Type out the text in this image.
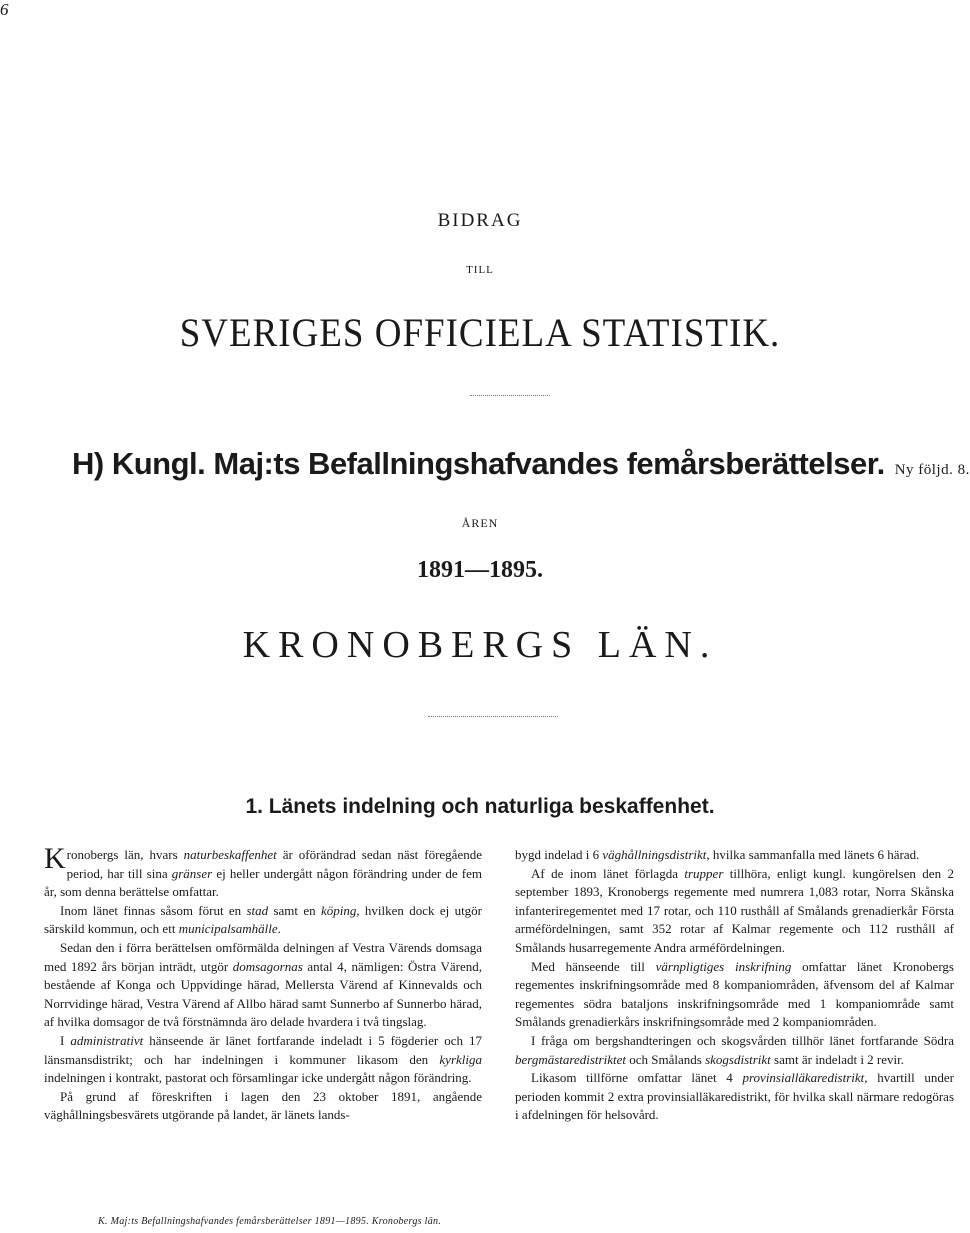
6
BIDRAG
TILL
SVERIGES OFFICIELA STATISTIK.
H) Kungl. Maj:ts Befallningshafvandes femårsberättelser. Ny följd. 8.
ÅREN
1891—1895.
KRONOBERGS LÄN.
1. Länets indelning och naturliga beskaffenhet.
K ronobergs län, hvars naturbeskaffenhet är oförändrad sedan näst föregående period, har till sina gränser ej heller undergått någon förändring under de fem år, som denna berättelse omfattar.

Inom länet finnas såsom förut en stad samt en köping, hvilken dock ej utgör särskild kommun, och ett municipalsamhälle.

Sedan den i förra berättelsen omförmälda delningen af Vestra Värends domsaga med 1892 års början inträdt, utgör domsagornas antal 4, nämligen: Östra Värend, bestående af Konga och Uppvidinge härad, Mellersta Värend af Kinnevalds och Norrvidinge härad, Vestra Värend af Allbo härad samt Sunnerbo af Sunnerbo härad, af hvilka domsagor de två förstnämnda äro delade hvardera i två tingslag.

I administrativt hänseende är länet fortfarande indeladt i 5 fögderier och 17 länsmansdistrikt; och har indelningen i kommuner likasom den kyrkliga indelningen i kontrakt, pastorat och församlingar icke undergått någon förändring.

På grund af föreskriften i lagen den 23 oktober 1891, angående väghållningsbesvärets utgörande på landet, är länets lands-

bygd indelad i 6 väghållningsdistrikt, hvilka sammanfalla med länets 6 härad.

Af de inom länet förlagda trupper tillhöra, enligt kungl. kungörelsen den 2 september 1893, Kronobergs regemente med numrera 1,083 rotar, Norra Skånska infanteriregementet med 17 rotar, och 110 rusthåll af Smålands grenadierkår Första arméfördelningen, samt 352 rotar af Kalmar regemente och 112 rusthåll af Smålands husarregemente Andra arméfördelningen.

Med hänseende till värnpligtiges inskrifning omfattar länet Kronobergs regementes inskrifningsområde med 8 kompaniområden, äfvensom del af Kalmar regementes södra bataljons inskrifningsområde med 1 kompaniområde samt Smålands grenadierkårs inskrifningsområde med 2 kompaniområden.

I fråga om bergshandteringen och skogsvården tillhör länet fortfarande Södra bergmästaredistriktet och Smålands skogsdistrikt samt är indeladt i 2 revir.

Likasom tillförne omfattar länet 4 provinsialläkaredistrikt, hvartill under perioden kommit 2 extra provinsialläkaredistrikt, för hvilka skall närmare redogöras i afdelningen för helsovård.

K. Maj:ts Befallningshafvandes femårsberättelser 1891—1895. Kronobergs län.
